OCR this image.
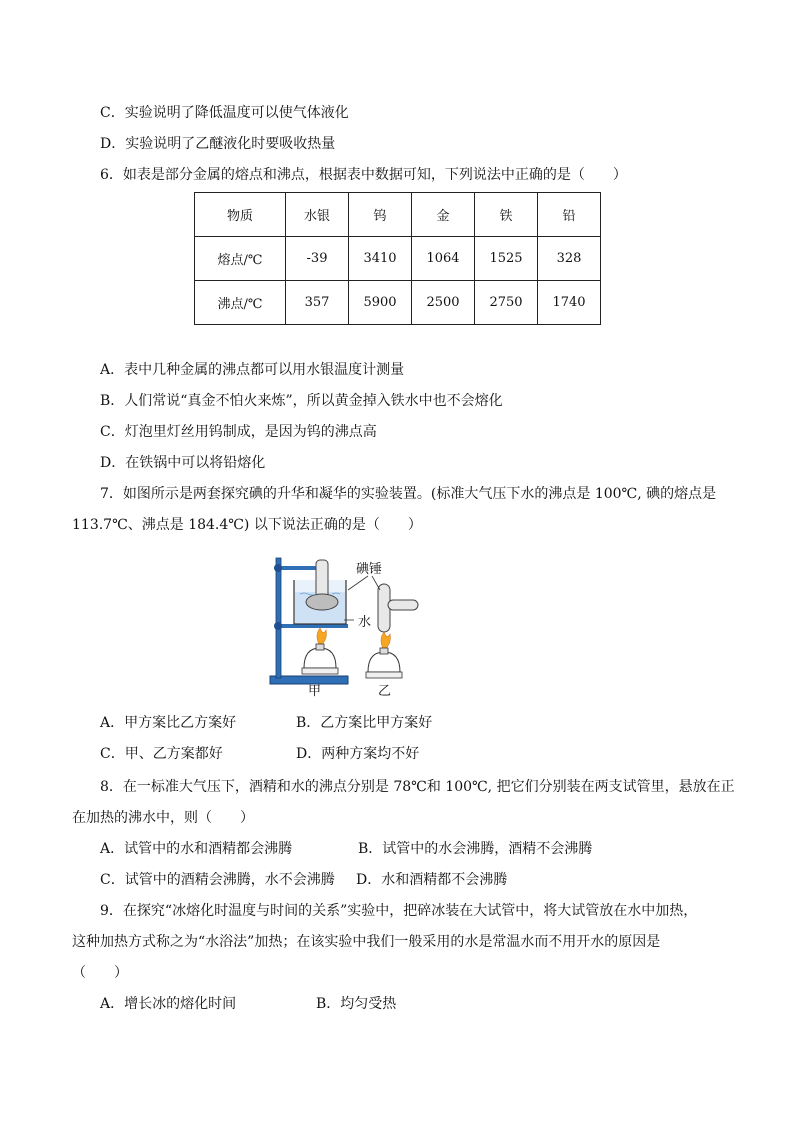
C．实验说明了降低温度可以使气体液化
D．实验说明了乙醚液化时要吸收热量
6．如表是部分金属的熔点和沸点，根据表中数据可知，下列说法中正确的是（　　）
物质	水银	钨	金	铁	铅
熔点/℃	-39	3410	1064	1525	328
沸点/℃	357	5900	2500	2750	1740
A．表中几种金属的沸点都可以用水银温度计测量
B．人们常说“真金不怕火来炼”，所以黄金掉入铁水中也不会熔化
C．灯泡里灯丝用钨制成，是因为钨的沸点高
D．在铁锅中可以将铅熔化
7．如图所示是两套探究碘的升华和凝华的实验装置。(标准大气压下水的沸点是 100℃, 碘的熔点是
113.7℃、沸点是 184.4℃) 以下说法正确的是（　　）
碘锤
水
甲	乙
A．甲方案比乙方案好	B．乙方案比甲方案好
C．甲、乙方案都好	D．两种方案均不好
8．在一标准大气压下，酒精和水的沸点分别是 78℃和 100℃, 把它们分别装在两支试管里，悬放在正
在加热的沸水中，则（　　）
A．试管中的水和酒精都会沸腾	B．试管中的水会沸腾，酒精不会沸腾
C．试管中的酒精会沸腾，水不会沸腾 D．水和酒精都不会沸腾
9．在探究“冰熔化时温度与时间的关系”实验中，把碎冰装在大试管中，将大试管放在水中加热，
这种加热方式称之为“水浴法”加热；在该实验中我们一般采用的水是常温水而不用开水的原因是
（　　）
A．增长冰的熔化时间	B．均匀受热
